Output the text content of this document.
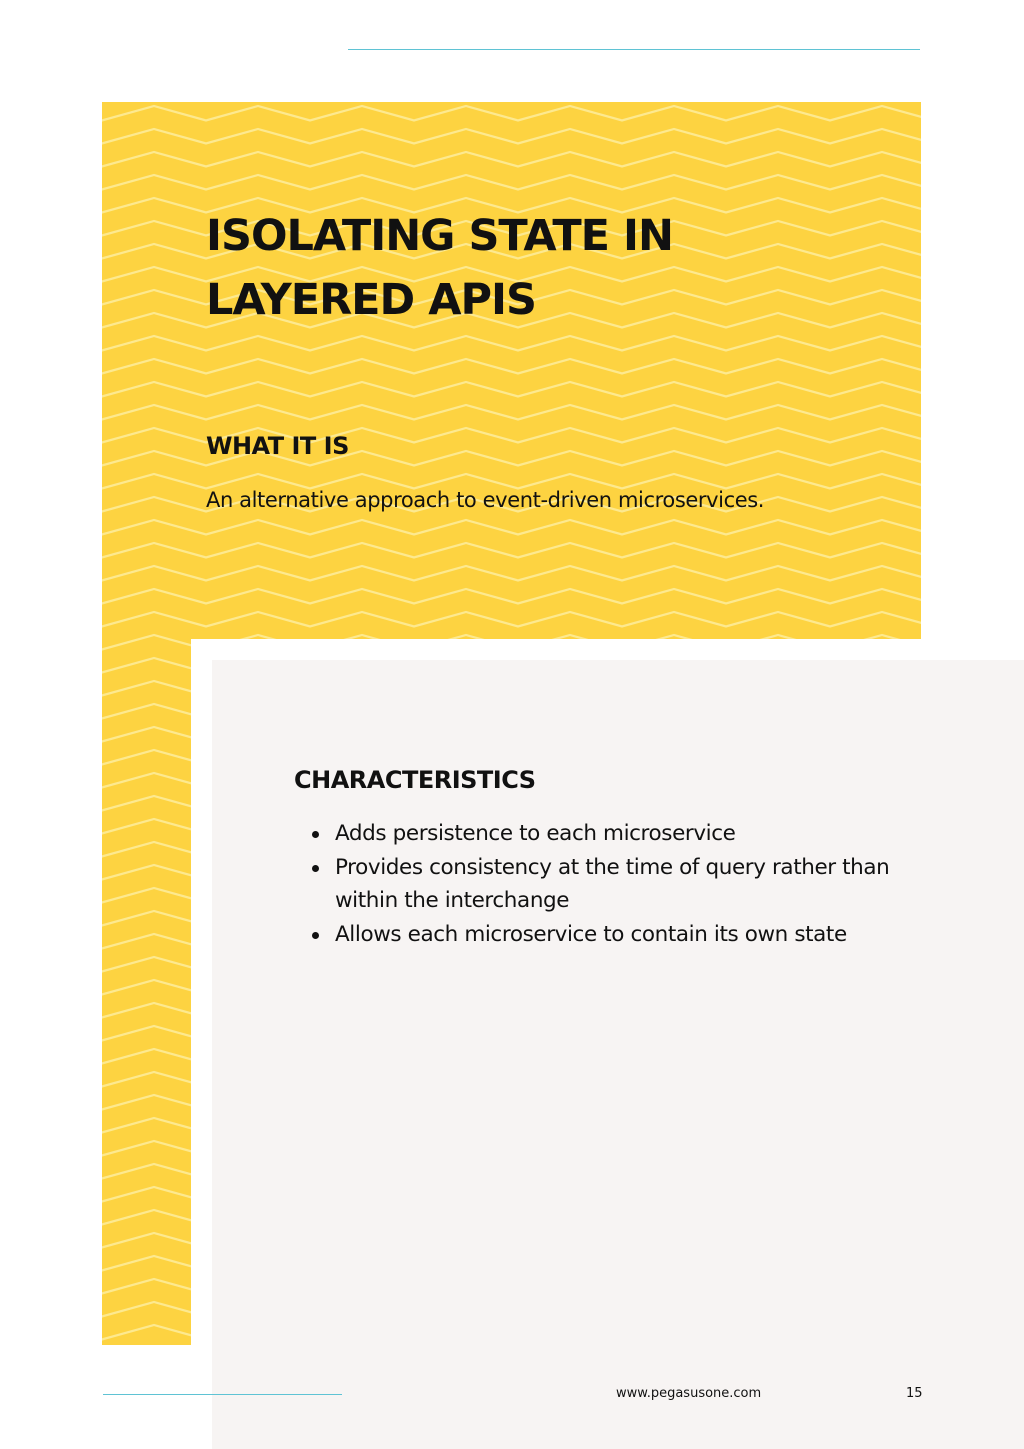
ISOLATING STATE IN LAYERED APIS
WHAT IT IS

An alternative approach to event-driven microservices.

CHARACTERISTICS
Adds persistence to each microservice
Provides consistency at the time of query rather than within the interchange
Allows each microservice to contain its own state

www.pegasusone.com	15
